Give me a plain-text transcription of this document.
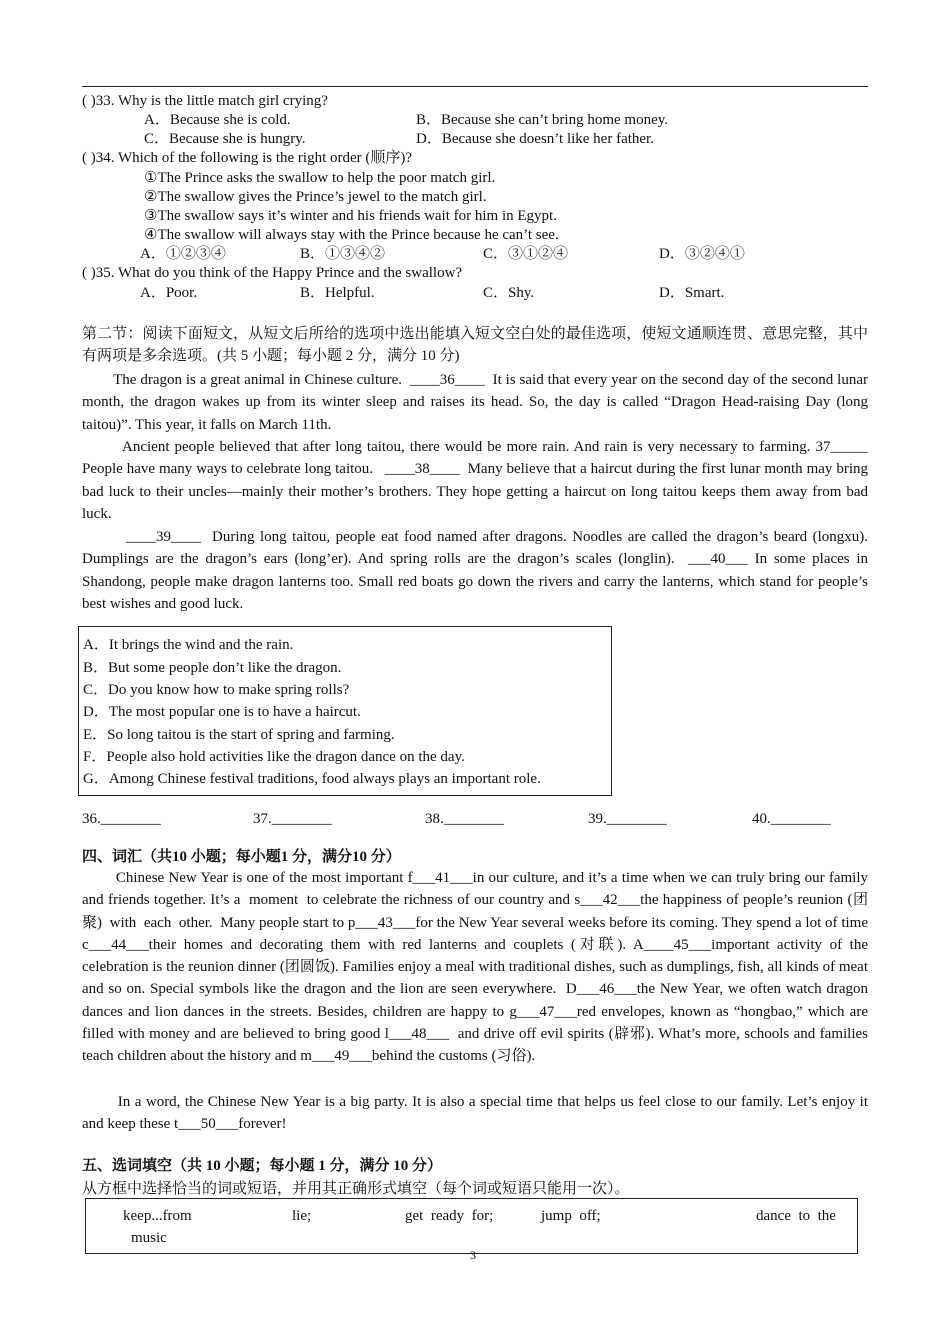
( )33. Why is the little match girl crying?
A．Because she is cold.	B．Because she can’t bring home money.
C．Because she is hungry.	D．Because she doesn’t like her father.
( )34. Which of the following is the right order (顺序)?
①The Prince asks the swallow to help the poor match girl.
②The swallow gives the Prince’s jewel to the match girl.
③The swallow says it’s winter and his friends wait for him in Egypt.
④The swallow will always stay with the Prince because he can’t see.
A．①②③④	B．①③④②	C．③①②④	D．③②④①
( )35. What do you think of the Happy Prince and the swallow?
A．Poor.	B．Helpful.	C．Shy.	D．Smart.
第二节：阅读下面短文，从短文后所给的选项中选出能填入短文空白处的最佳选项，使短文通顺连贯、意思完整，其中有两项是多余选项。(共 5 小题；每小题 2 分，满分 10 分)
The dragon is a great animal in Chinese culture.  ____36____  It is said that every year on the second day of the second lunar month, the dragon wakes up from its winter sleep and raises its head. So, the day is called “Dragon Head-raising Day (long taitou)”. This year, it falls on March 11th.
Ancient people believed that after long taitou, there would be more rain. And rain is very necessary to farming. 37_____  People have many ways to celebrate long taitou.   ____38____  Many believe that a haircut during the first lunar month may bring bad luck to their uncles—mainly their mother’s brothers. They hope getting a haircut on long taitou keeps them away from bad luck.
____39____  During long taitou, people eat food named after dragons. Noodles are called the dragon’s beard (longxu). Dumplings are the dragon’s ears (long’er). And spring rolls are the dragon’s scales (longlin).  ___40___ In some places in Shandong, people make dragon lanterns too. Small red boats go down the rivers and carry the lanterns, which stand for people’s best wishes and good luck.
A．It brings the wind and the rain.
B．But some people don’t like the dragon.
C．Do you know how to make spring rolls?
D．The most popular one is to have a haircut.
E．So long taitou is the start of spring and farming.
F．People also hold activities like the dragon dance on the day.
G．Among Chinese festival traditions, food always plays an important role.
36.________	37.________	38.________	39.________	40.________
四、词汇（共10 小题；每小题1 分，满分10 分）
Chinese New Year is one of the most important f___41___in our culture, and it’s a time when we can truly bring our family and friends together. It’s a  moment  to celebrate the richness of our country and s___42___the happiness of people’s reunion (团聚)  with  each  other.  Many people start to p___43___for the New Year several weeks before its coming. They spend a lot of time c___44___their homes and decorating them with red lanterns and couplets (对联). A____45___important activity of the celebration is the reunion dinner (团圆饭). Families enjoy a meal with traditional dishes, such as dumplings, fish, all kinds of meat and so on. Special symbols like the dragon and the lion are seen everywhere.  D___46___the New Year, we often watch dragon dances and lion dances in the streets. Besides, children are happy to g___47___red envelopes, known as “hongbao,” which are filled with money and are believed to bring good l___48___  and drive off evil spirits (辟邪). What’s more, schools and families teach children about the history and m___49___behind the customs (习俗).
In a word, the Chinese New Year is a big party. It is also a special time that helps us feel close to our family. Let’s enjoy it and keep these t___50___forever!
五、选词填空（共 10 小题；每小题 1 分，满分 10 分）
从方框中选择恰当的词或短语，并用其正确形式填空（每个词或短语只能用一次）。
keep...from	lie;	get  ready  for;	jump  off;	dance  to  the
music
3
